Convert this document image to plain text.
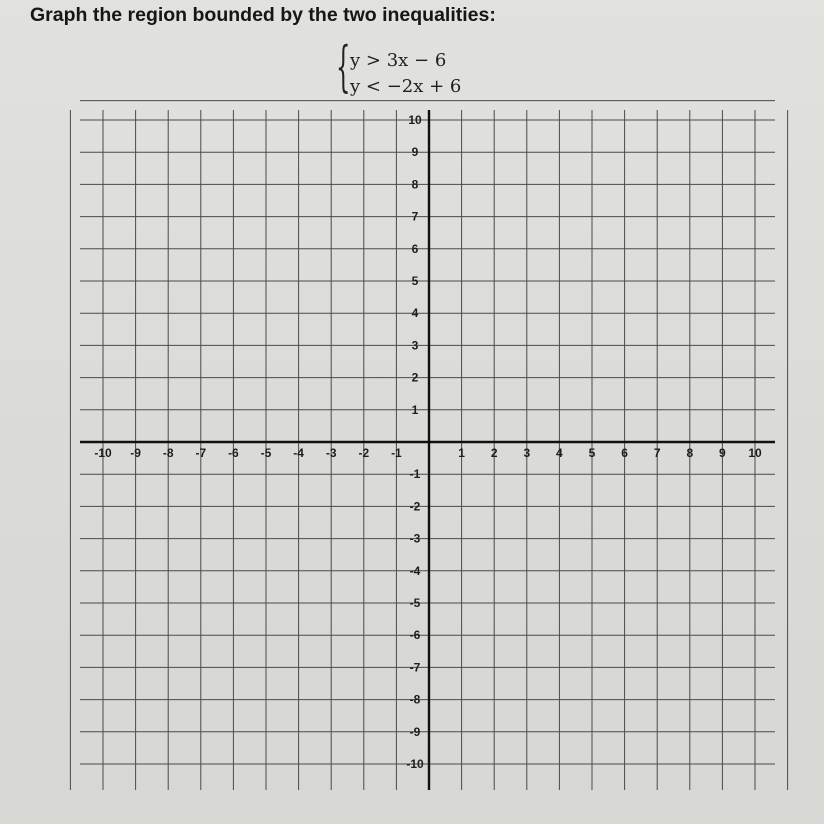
Graph the region bounded by the two inequalities:
{ y > 3x − 6
y < −2x + 6
-10 -9 -8 -7 -6 -5 -4 -3 -2 -1	1 2 3 4 5 6 7 8 9 10
10
9
8
7
6
5
4
3
2
1
-1
-2
-3
-4
-5
-6
-7
-8
-9
-10
